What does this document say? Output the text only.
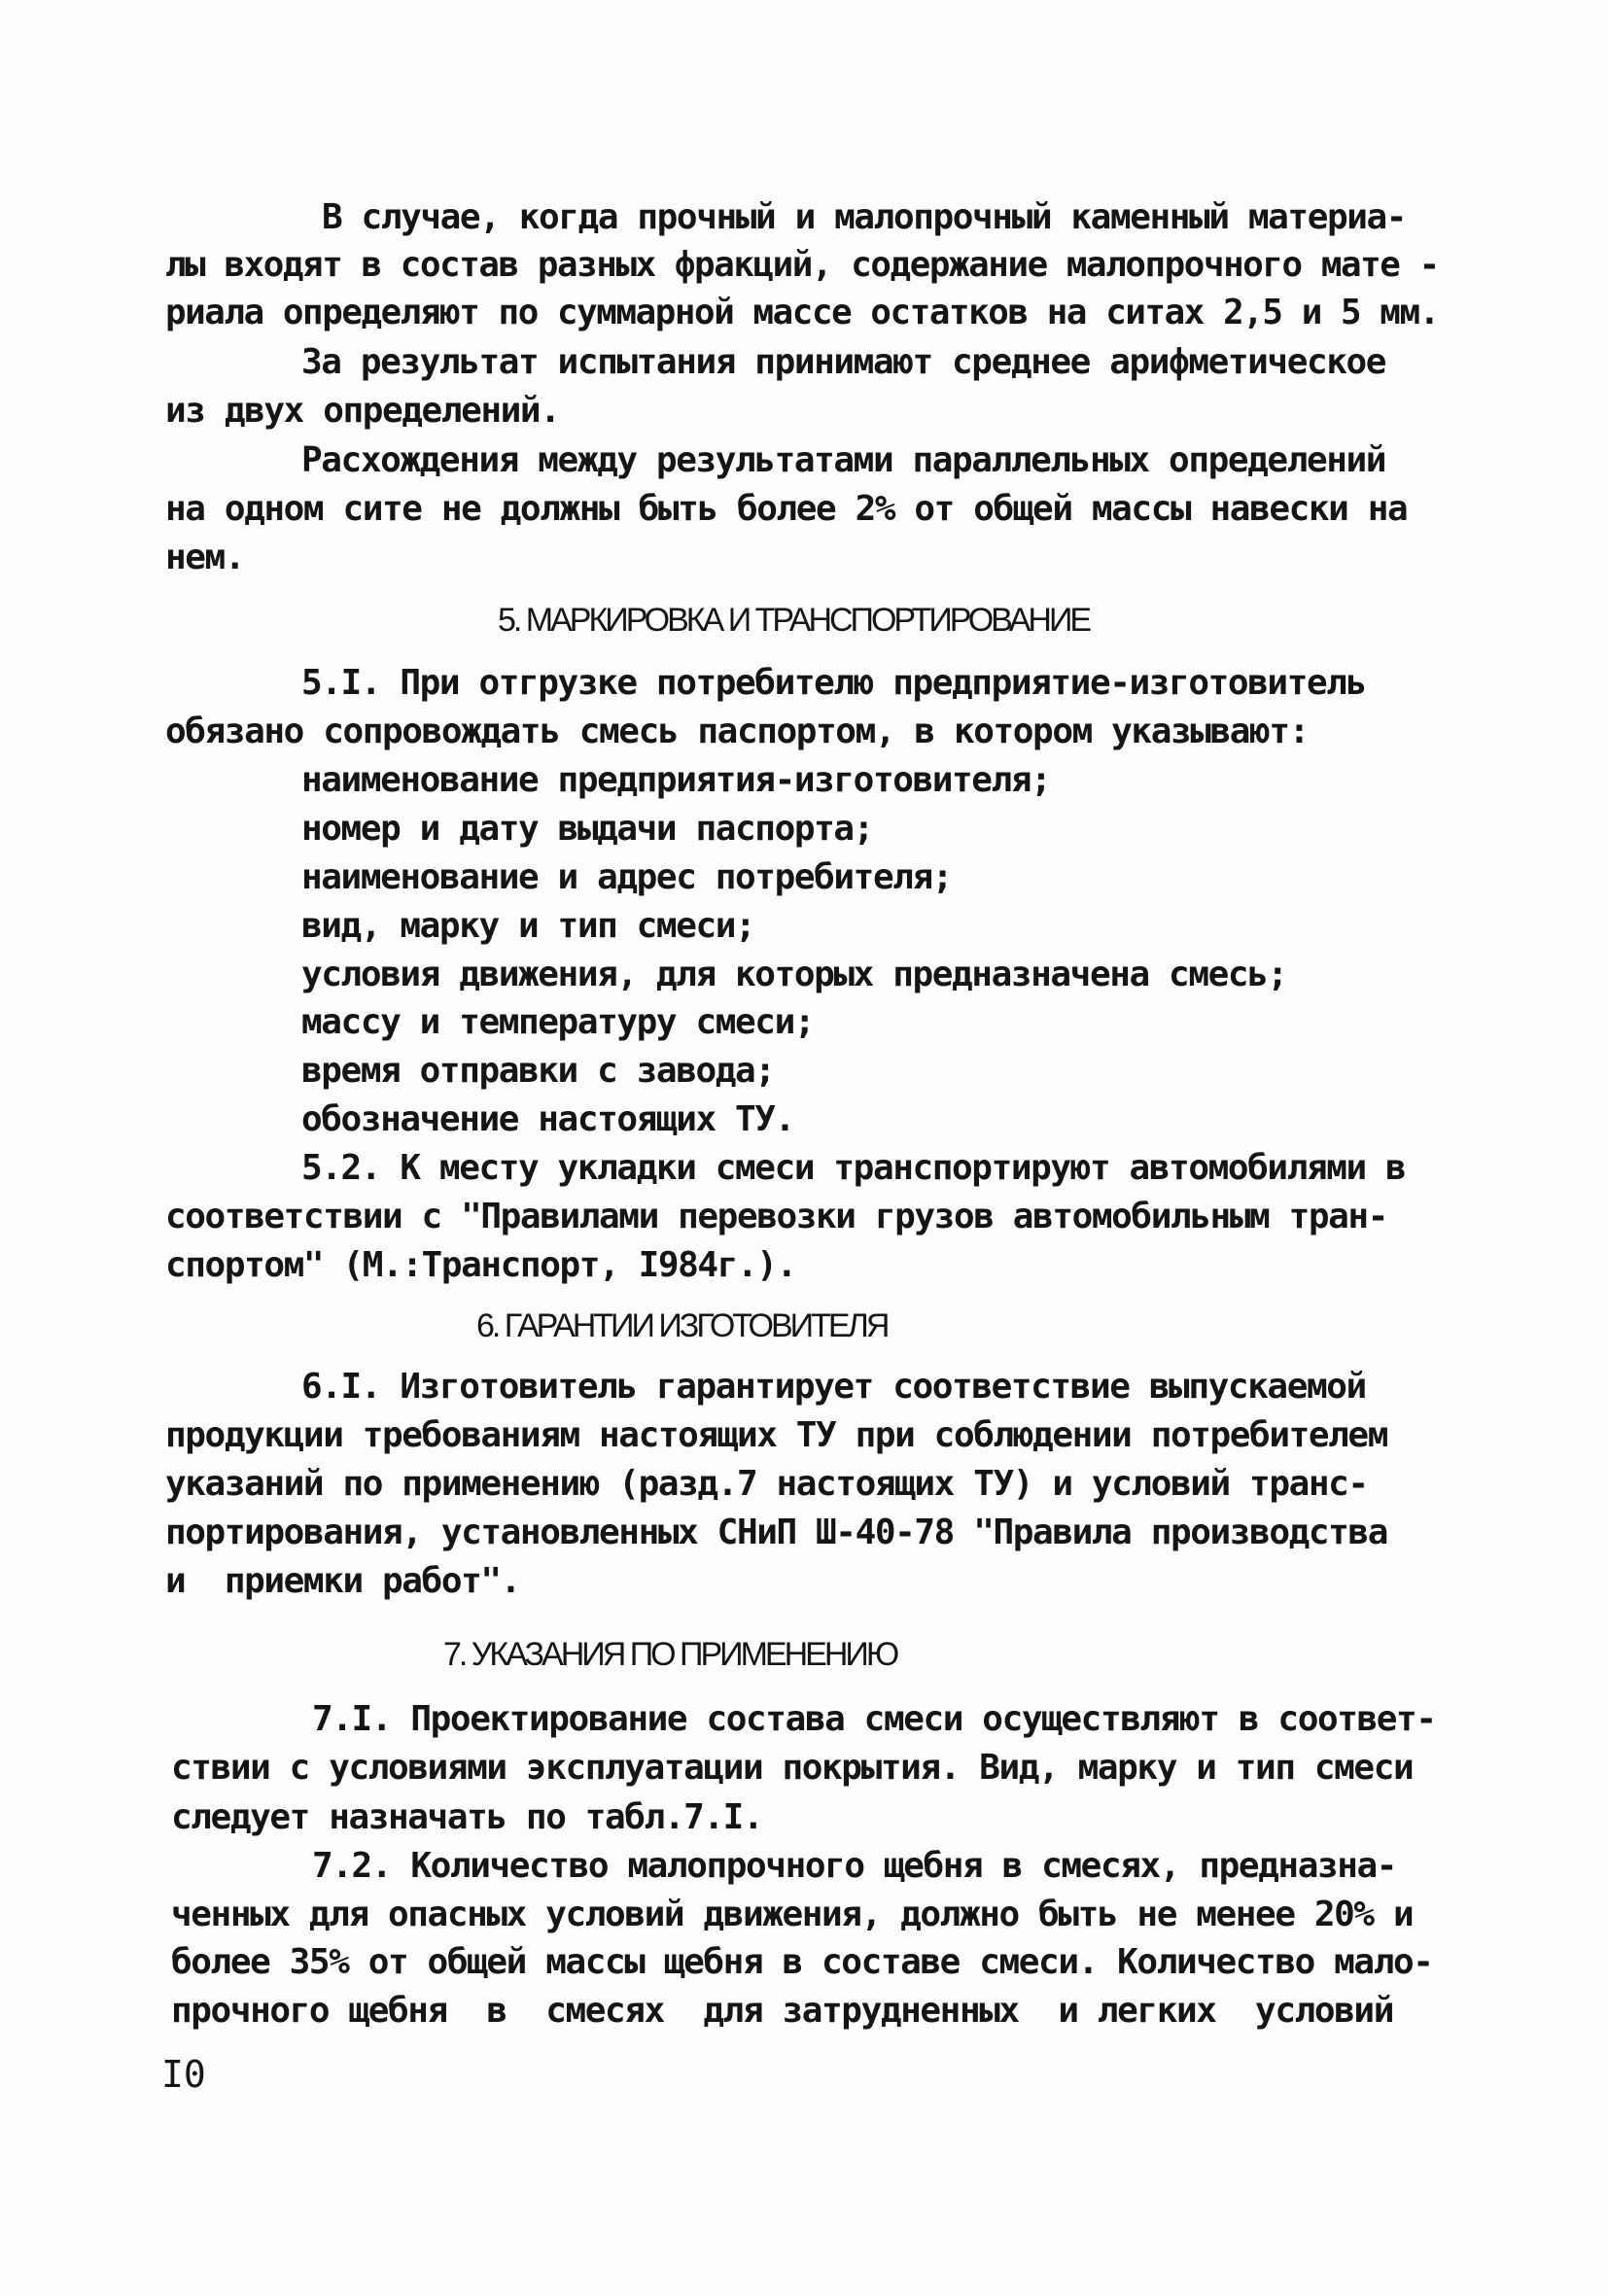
В случае, когда прочный и малопрочный каменный материа-
лы входят в состав разных фракций, содержание малопрочного мате -
риала определяют по суммарной массе остатков на ситах 2,5 и 5 мм.
За результат испытания принимают среднее арифметическое
из двух определений.
Расхождения между результатами параллельных определений
на одном сите не должны быть более 2% от общей массы навески на
нем.
5. МАРКИРОВКА И ТРАНСПОРТИРОВАНИЕ
5.I. При отгрузке потребителю предприятие-изготовитель
обязано сопровождать смесь паспортом, в котором указывают:
наименование предприятия-изготовителя;
номер и дату выдачи паспорта;
наименование и адрес потребителя;
вид, марку и тип смеси;
условия движения, для которых предназначена смесь;
массу и температуру смеси;
время отправки с завода;
обозначение настоящих ТУ.
5.2. К месту укладки смеси транспортируют автомобилями в
соответствии с "Правилами перевозки грузов автомобильным тран-
спортом" (М.:Транспорт, I984г.).
6. ГАРАНТИИ ИЗГОТОВИТЕЛЯ
6.I. Изготовитель гарантирует соответствие выпускаемой
продукции требованиям настоящих ТУ при соблюдении потребителем
указаний по применению (разд.7 настоящих ТУ) и условий транс-
портирования, установленных СНиП Ш-40-78 "Правила производства
и  приемки работ".
7. УКАЗАНИЯ ПО ПРИМЕНЕНИЮ
7.I. Проектирование состава смеси осуществляют в соответ-
ствии с условиями эксплуатации покрытия. Вид, марку и тип смеси
следует назначать по табл.7.I.
7.2. Количество малопрочного щебня в смесях, предназна-
ченных для опасных условий движения, должно быть не менее 20% и
более 35% от общей массы щебня в составе смеси. Количество мало-
прочного щебня  в  смесях  для затрудненных  и легких  условий
I0
